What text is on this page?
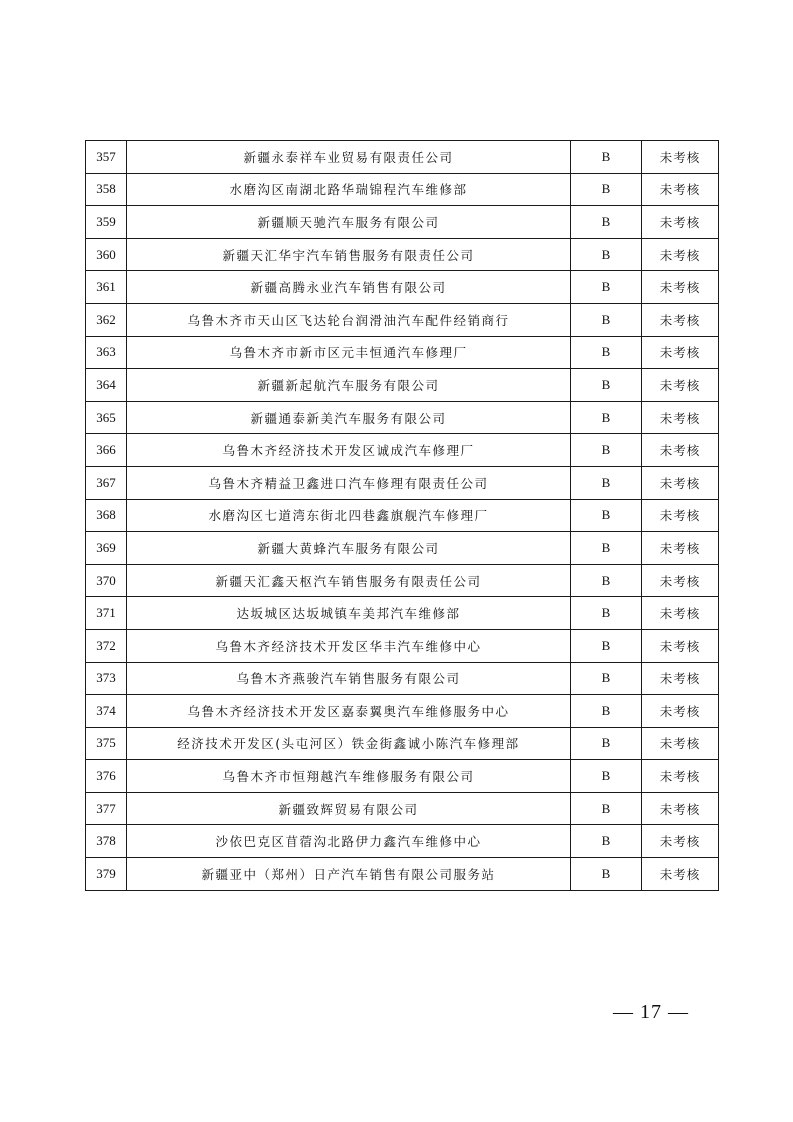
357	新疆永泰祥车业贸易有限责任公司	B	未考核
358	水磨沟区南湖北路华瑞锦程汽车维修部	B	未考核
359	新疆顺天驰汽车服务有限公司	B	未考核
360	新疆天汇华宇汽车销售服务有限责任公司	B	未考核
361	新疆高腾永业汽车销售有限公司	B	未考核
362	乌鲁木齐市天山区飞达轮台润滑油汽车配件经销商行	B	未考核
363	乌鲁木齐市新市区元丰恒通汽车修理厂	B	未考核
364	新疆新起航汽车服务有限公司	B	未考核
365	新疆通泰新美汽车服务有限公司	B	未考核
366	乌鲁木齐经济技术开发区诚成汽车修理厂	B	未考核
367	乌鲁木齐精益卫鑫进口汽车修理有限责任公司	B	未考核
368	水磨沟区七道湾东街北四巷鑫旗舰汽车修理厂	B	未考核
369	新疆大黄蜂汽车服务有限公司	B	未考核
370	新疆天汇鑫天枢汽车销售服务有限责任公司	B	未考核
371	达坂城区达坂城镇车美邦汽车维修部	B	未考核
372	乌鲁木齐经济技术开发区华丰汽车维修中心	B	未考核
373	乌鲁木齐燕骏汽车销售服务有限公司	B	未考核
374	乌鲁木齐经济技术开发区嘉泰翼奥汽车维修服务中心	B	未考核
375	经济技术开发区(头屯河区）铁金街鑫诚小陈汽车修理部	B	未考核
376	乌鲁木齐市恒翔越汽车维修服务有限公司	B	未考核
377	新疆致辉贸易有限公司	B	未考核
378	沙依巴克区苜蓿沟北路伊力鑫汽车维修中心	B	未考核
379	新疆亚中（郑州）日产汽车销售有限公司服务站	B	未考核
— 17 —
